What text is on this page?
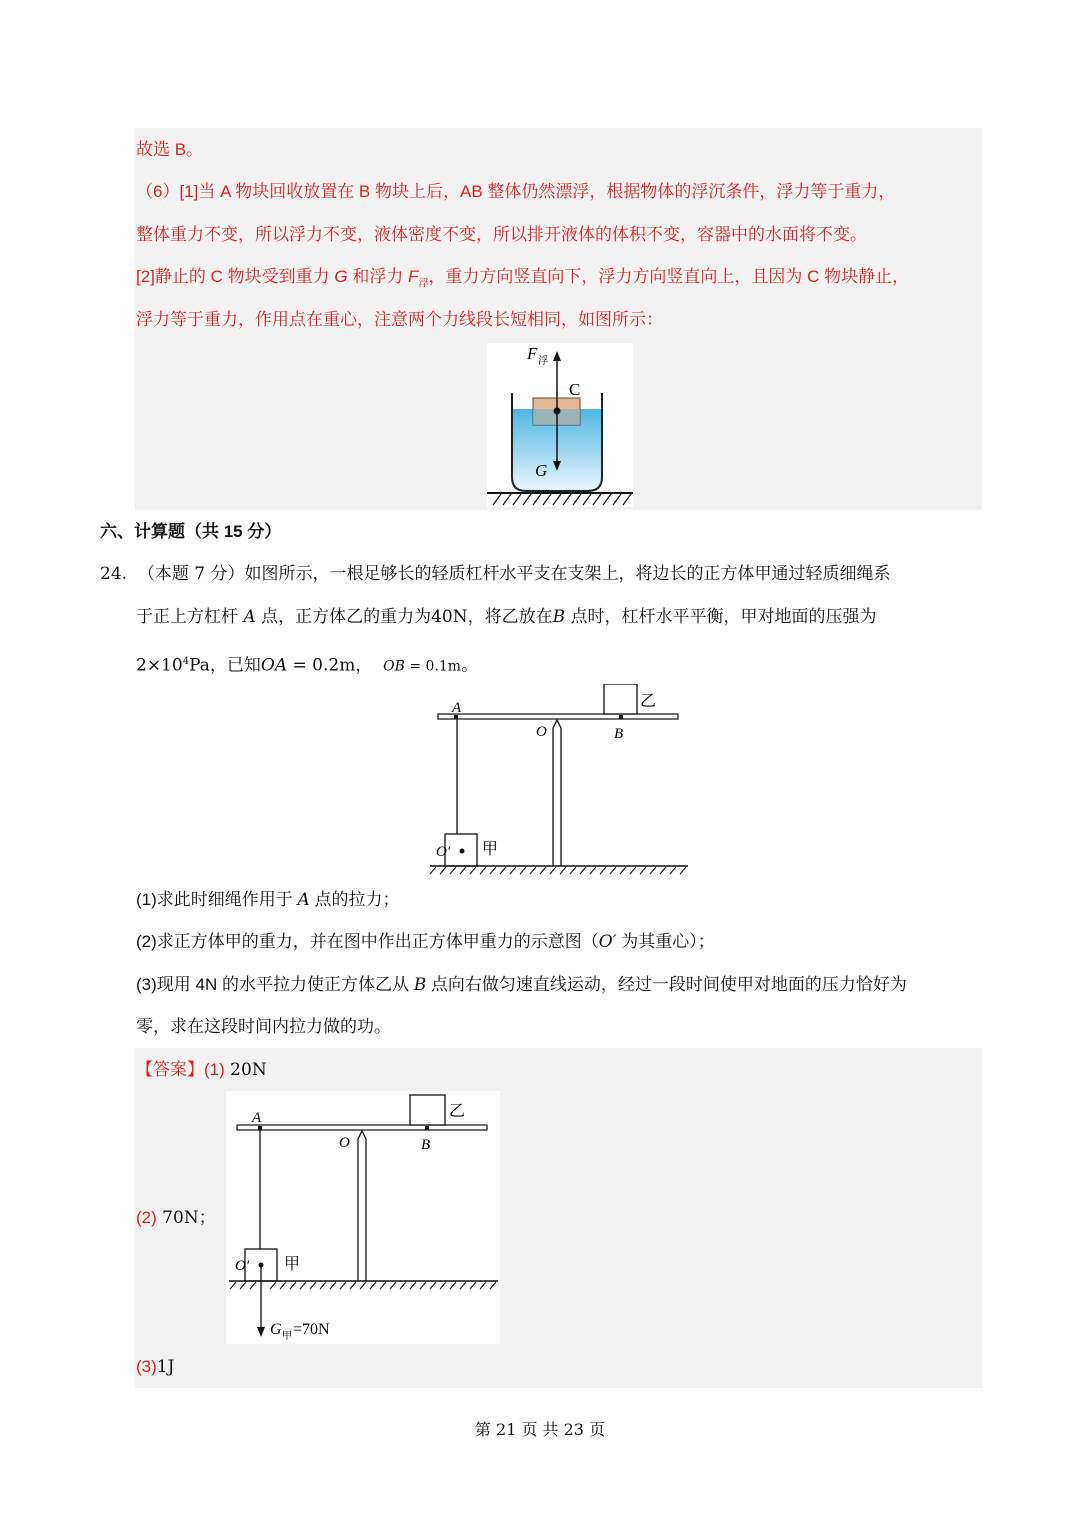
故选 B。
（6）[1]当 A 物块回收放置在 B 物块上后，AB 整体仍然漂浮，根据物体的浮沉条件，浮力等于重力，
整体重力不变，所以浮力不变，液体密度不变，所以排开液体的体积不变，容器中的水面将不变。
[2]静止的 C 物块受到重力 G 和浮力 $F_浮$，重力方向竖直向下，浮力方向竖直向上，且因为 C 物块静止，
浮力等于重力，作用点在重心，注意两个力线段长短相同，如图所示：
F 浮
C
G
六、计算题（共 15 分）
24. （本题 7 分）如图所示，一根足够长的轻质杠杆水平支在支架上，将边长的正方体甲通过轻质细绳系
于正上方杠杆 A 点，正方体乙的重力为40N，将乙放在B 点时，杠杆水平平衡，甲对地面的压强为
$2\times 10^4Pa$，已知OA = 0.2m， OB = 0.1m。
乙
A
O	B
O′ 甲
(1)求此时细绳作用于 A 点的拉力；
(2)求正方体甲的重力，并在图中作出正方体甲重力的示意图（O′ 为其重心）；
(3)现用 4N 的水平拉力使正方体乙从 B 点向右做匀速直线运动，经过一段时间使甲对地面的压力恰好为
零，求在这段时间内拉力做的功。
【答案】(1) 20N
乙
A
O	B
O′ 甲
G 甲 =70N
(2) 70N；
(3)1J
第 21 页 共 23 页
